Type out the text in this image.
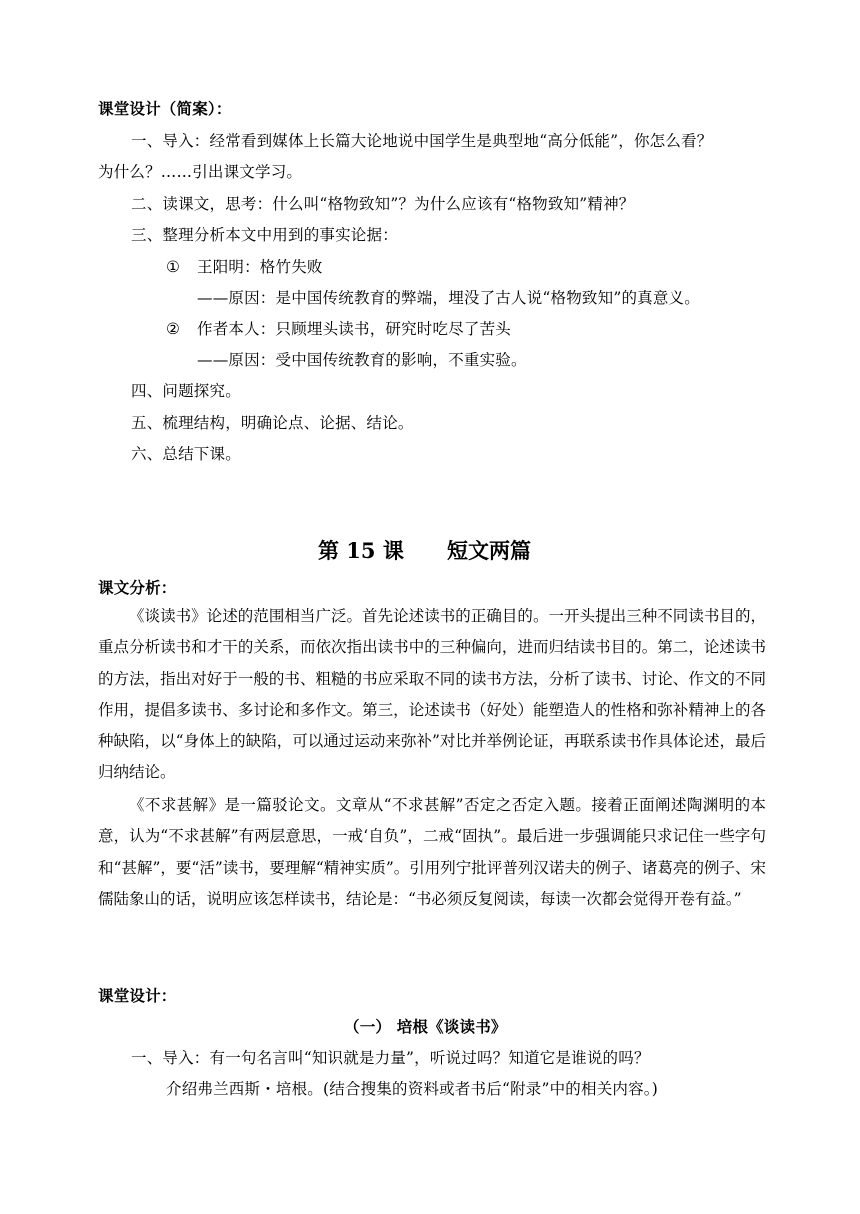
课堂设计（简案）：
一、导入：经常看到媒体上长篇大论地说中国学生是典型地“高分低能”，你怎么看？
为什么？……引出课文学习。
二、读课文，思考：什么叫“格物致知”？为什么应该有“格物致知”精神？
三、整理分析本文中用到的事实论据：
① 王阳明：格竹失败
——原因：是中国传统教育的弊端，埋没了古人说“格物致知”的真意义。
② 作者本人：只顾埋头读书，研究时吃尽了苦头
——原因：受中国传统教育的影响，不重实验。
四、问题探究。
五、梳理结构，明确论点、论据、结论。
六、总结下课。
第 15 课 短文两篇
课文分析：
《谈读书》论述的范围相当广泛。首先论述读书的正确目的。一开头提出三种不同读书目的，重点分析读书和才干的关系，而依次指出读书中的三种偏向，进而归结读书目的。第二，论述读书的方法，指出对好于一般的书、粗糙的书应采取不同的读书方法，分析了读书、讨论、作文的不同作用，提倡多读书、多讨论和多作文。第三，论述读书（好处）能塑造人的性格和弥补精神上的各种缺陷，以“身体上的缺陷，可以通过运动来弥补”对比并举例论证，再联系读书作具体论述，最后归纳结论。
《不求甚解》是一篇驳论文。文章从“不求甚解”否定之否定入题。接着正面阐述陶渊明的本意，认为“不求甚解”有两层意思，一戒‘自负”，二戒“固执”。最后进一步强调能只求记住一些字句和“甚解”，要“活”读书，要理解“精神实质”。引用列宁批评普列汉诺夫的例子、诸葛亮的例子、宋儒陆象山的话，说明应该怎样读书，结论是：“书必须反复阅读，每读一次都会觉得开卷有益。”
课堂设计：
（一） 培根《谈读书》
一、导入：有一句名言叫“知识就是力量”，听说过吗？知道它是谁说的吗？
介绍弗兰西斯・培根。(结合搜集的资料或者书后“附录”中的相关内容。)
